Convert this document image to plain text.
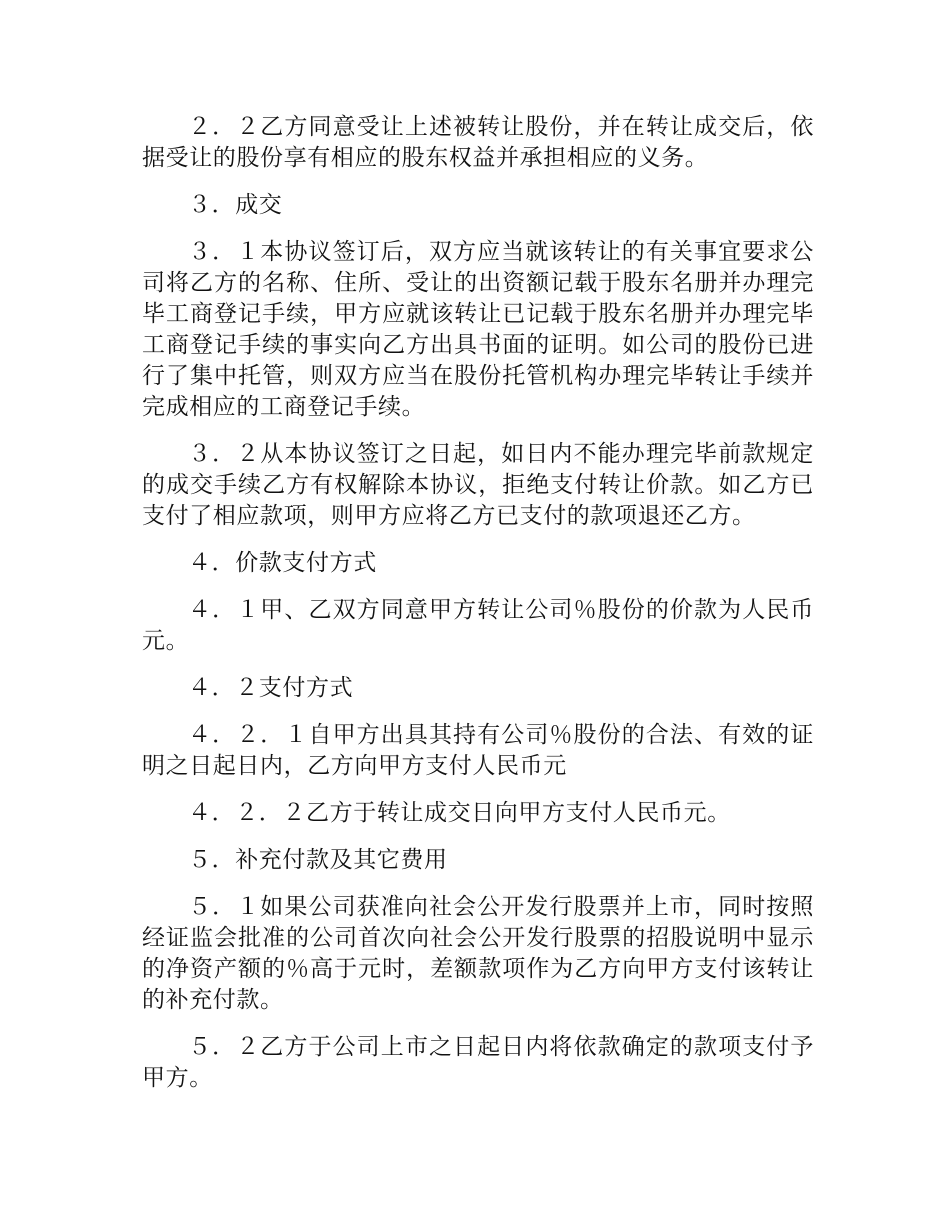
２．２乙方同意受让上述被转让股份，并在转让成交后，依据受让的股份享有相应的股东权益并承担相应的义务。

３．成交

３．１本协议签订后，双方应当就该转让的有关事宜要求公司将乙方的名称、住所、受让的出资额记载于股东名册并办理完毕工商登记手续，甲方应就该转让已记载于股东名册并办理完毕工商登记手续的事实向乙方出具书面的证明。如公司的股份已进行了集中托管，则双方应当在股份托管机构办理完毕转让手续并完成相应的工商登记手续。

３．２从本协议签订之日起，如日内不能办理完毕前款规定的成交手续乙方有权解除本协议，拒绝支付转让价款。如乙方已支付了相应款项，则甲方应将乙方已支付的款项退还乙方。

４．价款支付方式

４．１甲、乙双方同意甲方转让公司％股份的价款为人民币元。

４．２支付方式

４．２．１自甲方出具其持有公司％股份的合法、有效的证明之日起日内，乙方向甲方支付人民币元

４．２．２乙方于转让成交日向甲方支付人民币元。

５．补充付款及其它费用

５．１如果公司获准向社会公开发行股票并上市，同时按照经证监会批准的公司首次向社会公开发行股票的招股说明中显示的净资产额的％高于元时，差额款项作为乙方向甲方支付该转让的补充付款。

５．２乙方于公司上市之日起日内将依款确定的款项支付予甲方。
